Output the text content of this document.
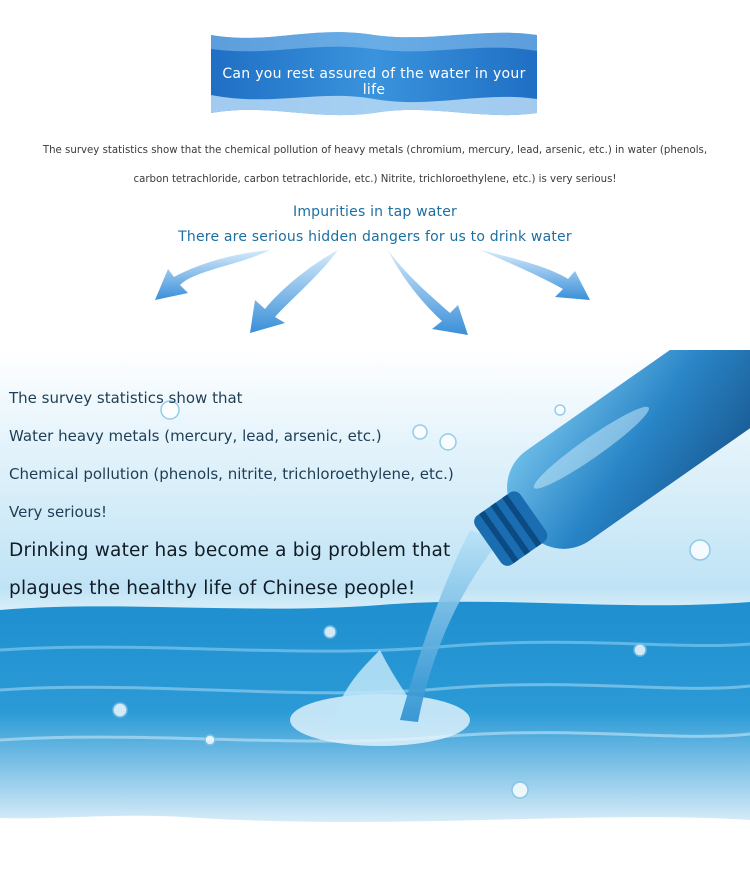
Can you rest assured of the water in your life
The survey statistics show that the chemical pollution of heavy metals (chromium, mercury, lead, arsenic, etc.) in water (phenols,
carbon tetrachloride, carbon tetrachloride, etc.) Nitrite, trichloroethylene, etc.) is very serious!
Impurities in tap water
There are serious hidden dangers for us to drink water
The survey statistics show that
Water heavy metals (mercury, lead, arsenic, etc.)
Chemical pollution (phenols, nitrite, trichloroethylene, etc.)
Very serious!
Drinking water has become a big problem that
plagues the healthy life of Chinese people!
